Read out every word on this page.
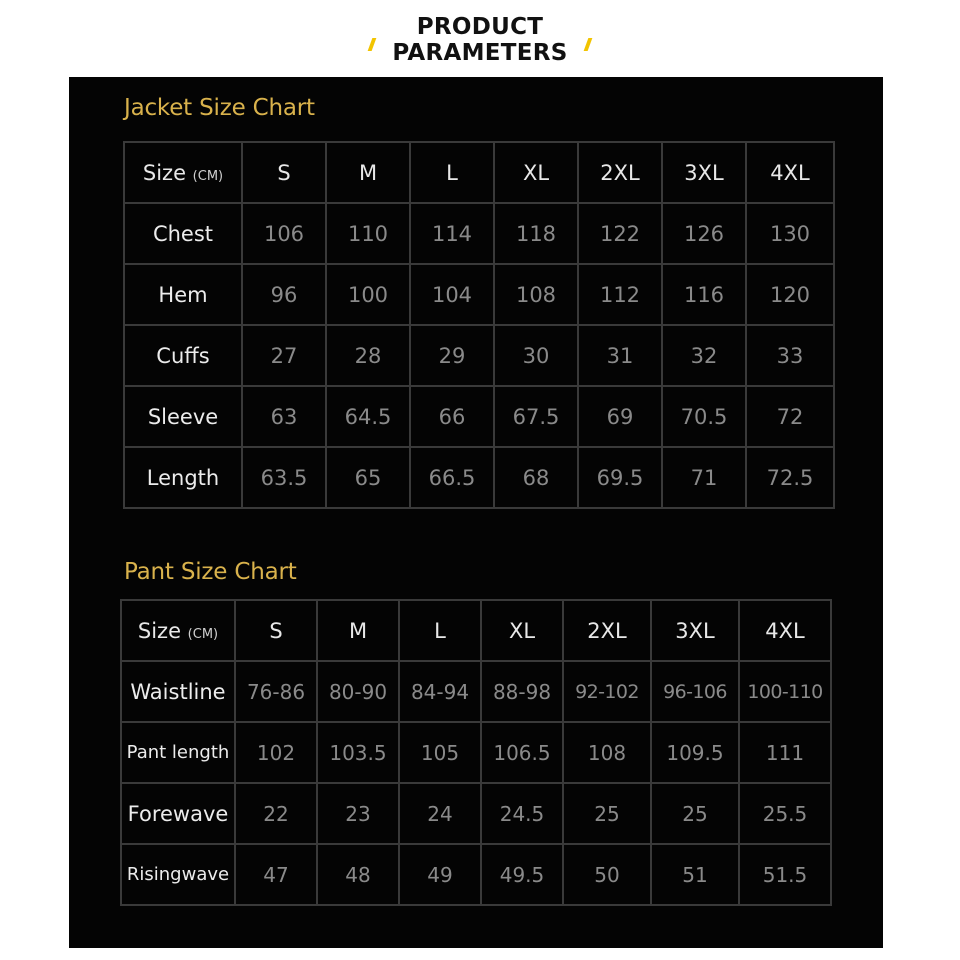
PRODUCT
PARAMETERS
Jacket Size Chart
Size (CM)	S	M	L	XL	2XL	3XL	4XL
Chest	106	110	114	118	122	126	130
Hem	96	100	104	108	112	116	120
Cuffs	27	28	29	30	31	32	33
Sleeve	63	64.5	66	67.5	69	70.5	72
Length	63.5	65	66.5	68	69.5	71	72.5
Pant Size Chart
Size (CM)	S	M	L	XL	2XL	3XL	4XL
Waistline	76-86	80-90	84-94	88-98	92-102	96-106	100-110
Pant length	102	103.5	105	106.5	108	109.5	111
Forewave	22	23	24	24.5	25	25	25.5
Risingwave	47	48	49	49.5	50	51	51.5
